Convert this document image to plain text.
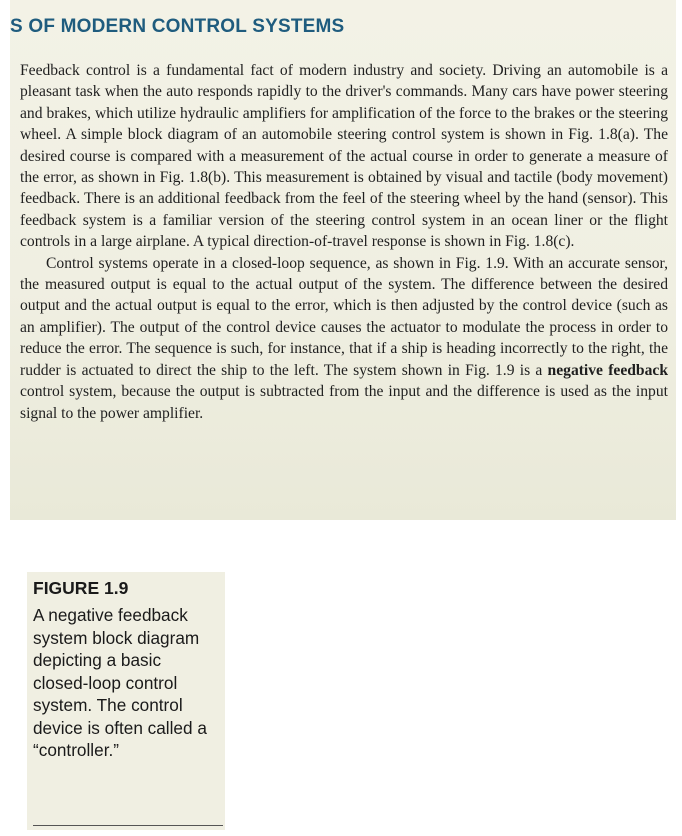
S OF MODERN CONTROL SYSTEMS

Feedback control is a fundamental fact of modern industry and society. Driving an automobile is a pleasant task when the auto responds rapidly to the driver's commands. Many cars have power steering and brakes, which utilize hydraulic amplifiers for amplification of the force to the brakes or the steering wheel. A simple block diagram of an automobile steering control system is shown in Fig. 1.8(a). The desired course is compared with a measurement of the actual course in order to generate a measure of the error, as shown in Fig. 1.8(b). This measurement is obtained by visual and tactile (body movement) feedback. There is an additional feedback from the feel of the steering wheel by the hand (sensor). This feedback system is a familiar version of the steering control system in an ocean liner or the flight controls in a large airplane. A typical direction-of-travel response is shown in Fig. 1.8(c).

Control systems operate in a closed-loop sequence, as shown in Fig. 1.9. With an accurate sensor, the measured output is equal to the actual output of the system. The difference between the desired output and the actual output is equal to the error, which is then adjusted by the control device (such as an amplifier). The output of the control device causes the actuator to modulate the process in order to reduce the error. The sequence is such, for instance, that if a ship is heading incorrectly to the right, the rudder is actuated to direct the ship to the left. The system shown in Fig. 1.9 is a negative feedback control system, because the output is subtracted from the input and the difference is used as the input signal to the power amplifier.

FIGURE 1.9

A negative feedback system block diagram depicting a basic closed-loop control system. The control device is often called a “controller.”
